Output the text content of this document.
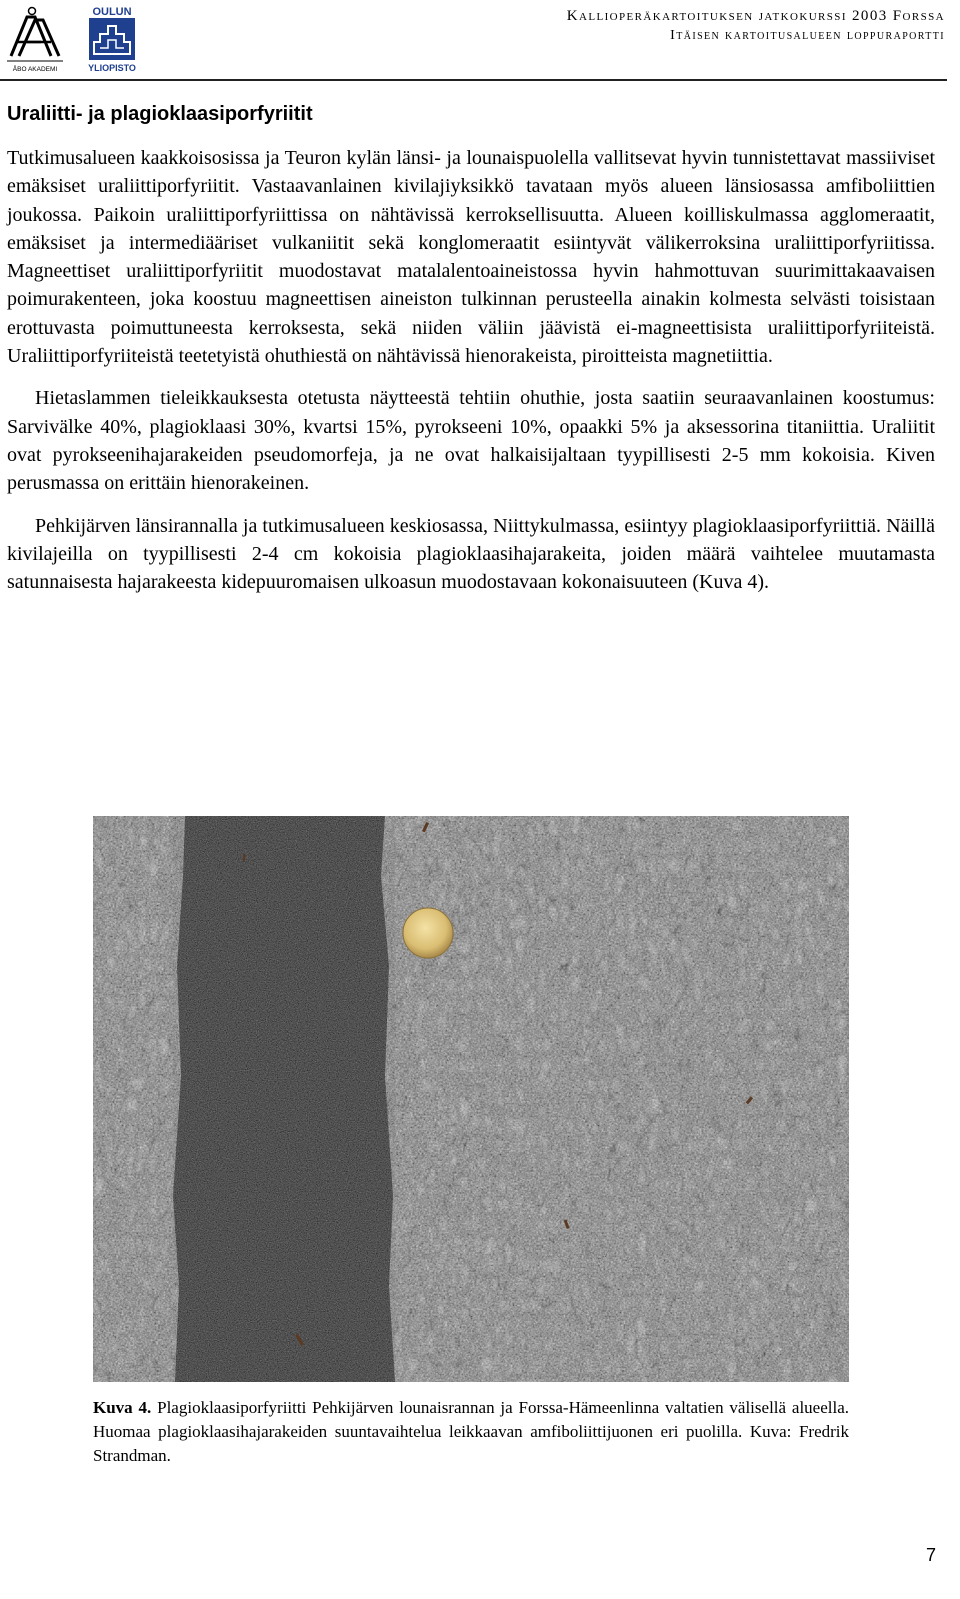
ÅBO AKADEMI
OULUN
YLIOPISTO
Kallioperäkartoituksen jatkokurssi 2003 Forssa
Itäisen kartoitusalueen loppuraportti
Uraliitti- ja plagioklaasiporfyriitit

Tutkimusalueen kaakkoisosissa ja Teuron kylän länsi- ja lounaispuolella vallitsevat hyvin tunnistettavat massiiviset emäksiset uraliittiporfyriitit. Vastaavanlainen kivilajiyksikkö tavataan myös alueen länsiosassa amfiboliittien joukossa. Paikoin uraliittiporfyriittissa on nähtävissä kerroksellisuutta. Alueen koilliskulmassa agglomeraatit, emäksiset ja intermediääriset vulkaniitit sekä konglomeraatit esiintyvät välikerroksina uraliittiporfyriitissa. Magneettiset uraliittiporfyriitit muodostavat matalalentoaineistossa hyvin hahmottuvan suurimittakaavaisen poimurakenteen, joka koostuu magneettisen aineiston tulkinnan perusteella ainakin kolmesta selvästi toisistaan erottuvasta poimuttuneesta kerroksesta, sekä niiden väliin jäävistä ei-magneettisista uraliittiporfyriiteistä. Uraliittiporfyriiteistä teetetyistä ohuthiestä on nähtävissä hienorakeista, piroitteista magnetiittia.

Hietaslammen tieleikkauksesta otetusta näytteestä tehtiin ohuthie, josta saatiin seuraavanlainen koostumus: Sarvivälke 40%, plagioklaasi 30%, kvartsi 15%, pyrokseeni 10%, opaakki 5% ja aksessorina titaniittia. Uraliitit ovat pyrokseenihajarakeiden pseudomorfeja, ja ne ovat halkaisijaltaan tyypillisesti 2-5 mm kokoisia. Kiven perusmassa on erittäin hienorakeinen.

Pehkijärven länsirannalla ja tutkimusalueen keskiosassa, Niittykulmassa, esiintyy plagioklaasiporfyriittiä. Näillä kivilajeilla on tyypillisesti 2-4 cm kokoisia plagioklaasihajarakeita, joiden määrä vaihtelee muutamasta satunnaisesta hajarakeesta kidepuuromaisen ulkoasun muodostavaan kokonaisuuteen (Kuva 4).

Kuva 4. Plagioklaasiporfyriitti Pehkijärven lounaisrannan ja Forssa-Hämeenlinna valtatien välisellä alueella. Huomaa plagioklaasihajarakeiden suuntavaihtelua leikkaavan amfiboliittijuonen eri puolilla. Kuva: Fredrik Strandman.
7
